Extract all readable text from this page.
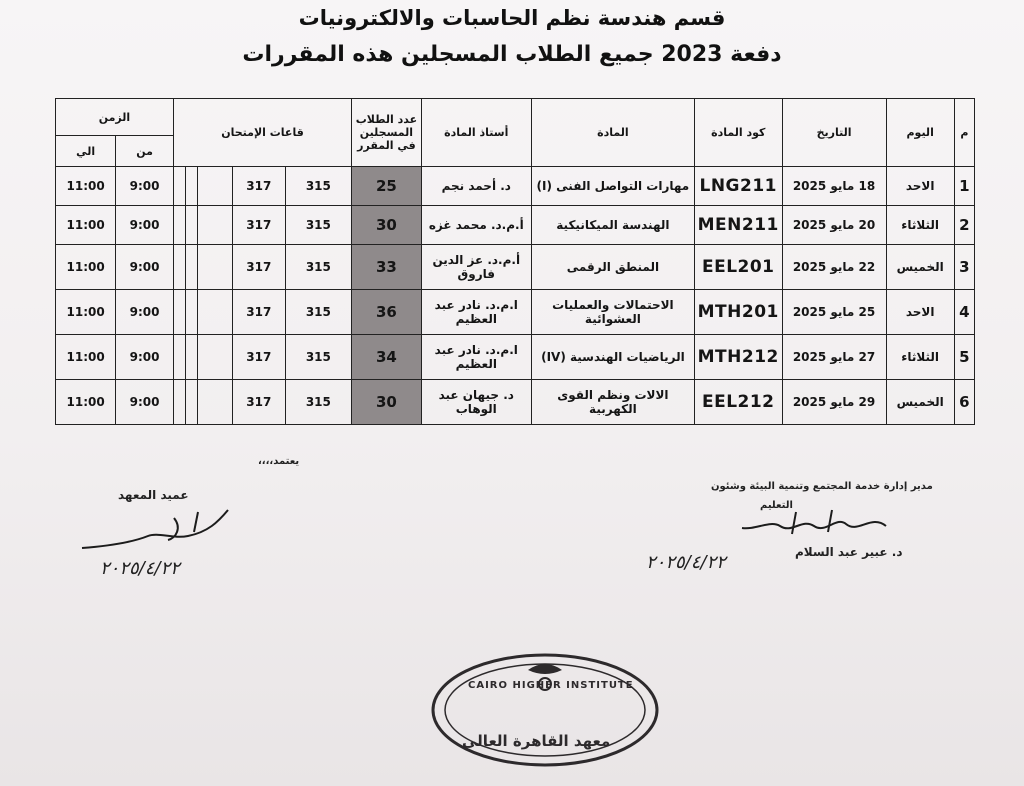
قسم هندسة نظم الحاسبات والالكترونيات
دفعة 2023 جميع الطلاب المسجلين هذه المقررات
م	اليوم	التاريخ	كود المادة	المادة	أستاذ المادة	عدد الطلاب المسجلين في المقرر	قاعات الإمتحان					الزمن	
												من	الي
1	الاحد	18 مايو 2025	LNG211	مهارات التواصل الفنى (I)	د. أحمد نجم	25	315	317				9:00	11:00
2	الثلاثاء	20 مايو 2025	MEN211	الهندسة الميكانيكية	أ.م.د. محمد غزه	30	315	317				9:00	11:00
3	الخميس	22 مايو 2025	EEL201	المنطق الرقمى	أ.م.د. عز الدين
فاروق	33	315	317				9:00	11:00
4	الاحد	25 مايو 2025	MTH201	الاحتمالات والعمليات
العشوائية	ا.م.د. نادر عبد
العظيم	36	315	317				9:00	11:00
5	الثلاثاء	27 مايو 2025	MTH212	الرياضيات الهندسية (IV)	ا.م.د. نادر عبد
العظيم	34	315	317				9:00	11:00
6	الخميس	29 مايو 2025	EEL212	الالات ونظم القوى الكهربية	د. جيهان عبد
الوهاب	30	315	317				9:00	11:00
يعتمد،،،،
عميد المعهد
٢٠٢٥/٤/٢٢
مدير إدارة خدمة المجتمع وتنمية البيئة وشئون
التعليم
د. عبير عبد السلام
٢٠٢٥/٤/٢٢
CAIRO HIGHER INSTITUTE
معهد القاهرة العالى
